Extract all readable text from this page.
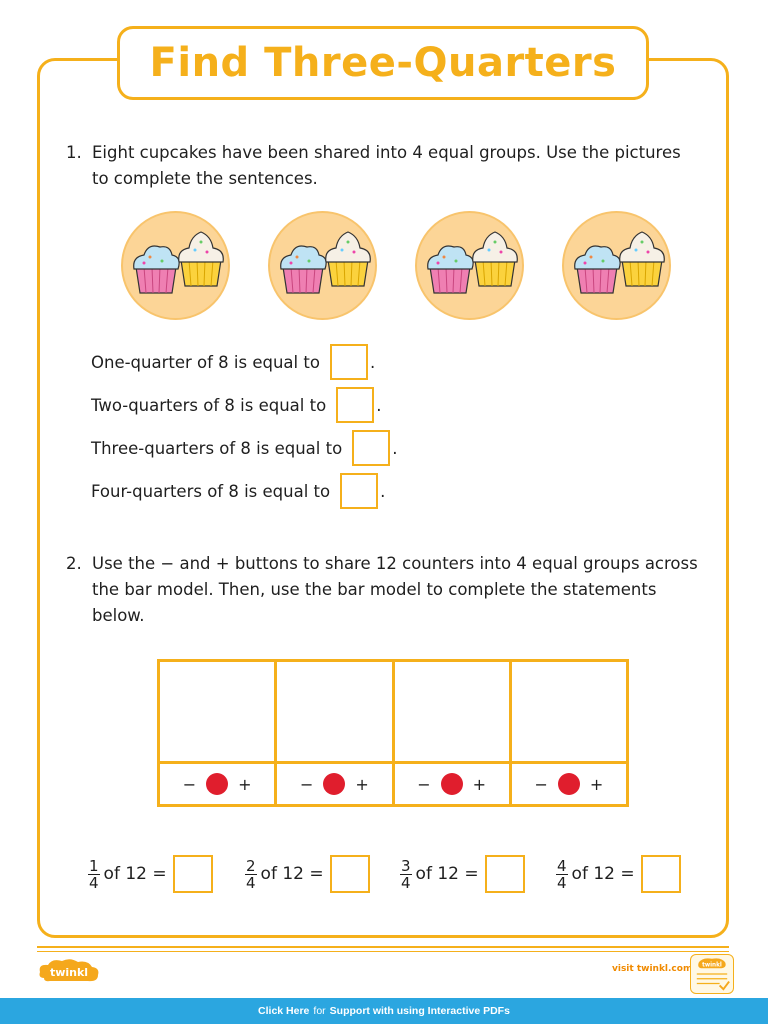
Find Three-Quarters
1. Eight cupcakes have been shared into 4 equal groups. Use the pictures
to complete the sentences.
One-quarter of 8 is equal to	.
Two-quarters of 8 is equal to	.
Three-quarters of 8 is equal to	.
Four-quarters of 8 is equal to	.
2. Use the − and + buttons to share 12 counters into 4 equal groups across
the bar model. Then, use the bar model to complete the statements
below.
−	+	−	+	−	+	−	+
$\frac{1}{4}$ of 12 =	$\frac{2}{4}$ of 12 =	$\frac{3}{4}$ of 12 =	$\frac{4}{4}$ of 12 =
twinkl	visit twinkl.com twinkl
Click Here for Support with using Interactive PDFs
